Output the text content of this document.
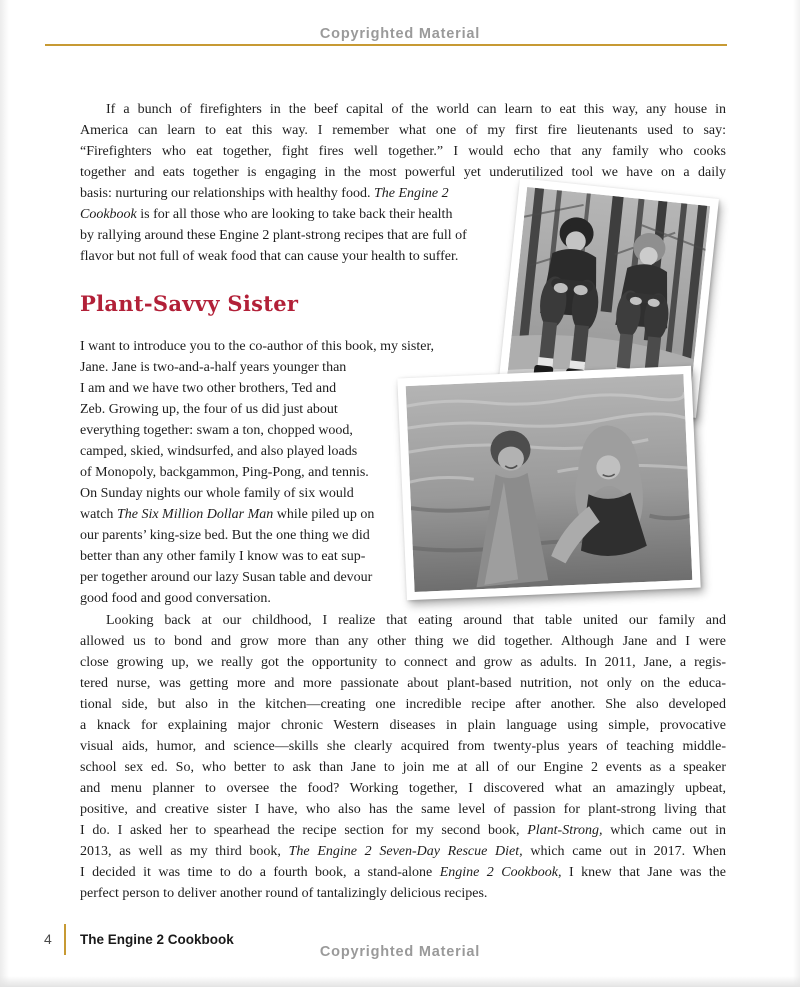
Copyrighted Material
If a bunch of firefighters in the beef capital of the world can learn to eat this way, any house in
America can learn to eat this way. I remember what one of my first fire lieutenants used to say:
“Firefighters who eat together, fight fires well together.” I would echo that any family who cooks
together and eats together is engaging in the most powerful yet underutilized tool we have on a daily
basis: nurturing our relationships with healthy food. The Engine 2
Cookbook is for all those who are looking to take back their health
by rallying around these Engine 2 plant-strong recipes that are full of
flavor but not full of weak food that can cause your health to suffer.
Plant-Savvy Sister
I want to introduce you to the co-author of this book, my sister,
Jane. Jane is two-and-a-half years younger than
I am and we have two other brothers, Ted and
Zeb. Growing up, the four of us did just about
everything together: swam a ton, chopped wood,
camped, skied, windsurfed, and also played loads
of Monopoly, backgammon, Ping-Pong, and tennis.
On Sunday nights our whole family of six would
watch The Six Million Dollar Man while piled up on
our parents’ king-size bed. But the one thing we did
better than any other family I know was to eat sup-
per together around our lazy Susan table and devour
good food and good conversation.
Looking back at our childhood, I realize that eating around that table united our family and
allowed us to bond and grow more than any other thing we did together. Although Jane and I were
close growing up, we really got the opportunity to connect and grow as adults. In 2011, Jane, a regis-
tered nurse, was getting more and more passionate about plant-based nutrition, not only on the educa-
tional side, but also in the kitchen—creating one incredible recipe after another. She also developed
a knack for explaining major chronic Western diseases in plain language using simple, provocative
visual aids, humor, and science—skills she clearly acquired from twenty-plus years of teaching middle-
school sex ed. So, who better to ask than Jane to join me at all of our Engine 2 events as a speaker
and menu planner to oversee the food? Working together, I discovered what an amazingly upbeat,
positive, and creative sister I have, who also has the same level of passion for plant-strong living that
I do. I asked her to spearhead the recipe section for my second book, Plant-Strong, which came out in
2013, as well as my third book, The Engine 2 Seven-Day Rescue Diet, which came out in 2017. When
I decided it was time to do a fourth book, a stand-alone Engine 2 Cookbook, I knew that Jane was the
perfect person to deliver another round of tantalizingly delicious recipes.
4 The Engine 2 Cookbook
Copyrighted Material
